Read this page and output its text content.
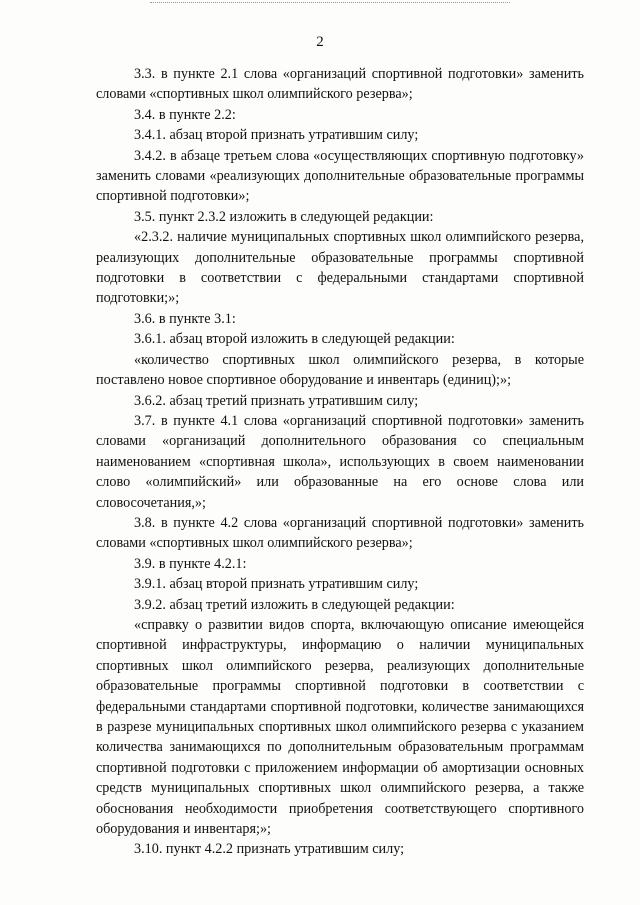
2

3.3. в пункте 2.1 слова «организаций спортивной подготовки» заменить словами «спортивных школ олимпийского резерва»;

3.4. в пункте 2.2:

3.4.1. абзац второй признать утратившим силу;

3.4.2. в абзаце третьем слова «осуществляющих спортивную подготовку» заменить словами «реализующих дополнительные образовательные программы спортивной подготовки»;

3.5. пункт 2.3.2 изложить в следующей редакции:

«2.3.2. наличие муниципальных спортивных школ олимпийского резерва, реализующих дополнительные образовательные программы спортивной подготовки в соответствии с федеральными стандартами спортивной подготовки;»;

3.6. в пункте 3.1:

3.6.1. абзац второй изложить в следующей редакции:

«количество спортивных школ олимпийского резерва, в которые поставлено новое спортивное оборудование и инвентарь (единиц);»;

3.6.2. абзац третий признать утратившим силу;

3.7. в пункте 4.1 слова «организаций спортивной подготовки» заменить словами «организаций дополнительного образования со специальным наименованием «спортивная школа», использующих в своем наименовании слово «олимпийский» или образованные на его основе слова или словосочетания,»;

3.8. в пункте 4.2 слова «организаций спортивной подготовки» заменить словами «спортивных школ олимпийского резерва»;

3.9. в пункте 4.2.1:

3.9.1. абзац второй признать утратившим силу;

3.9.2. абзац третий изложить в следующей редакции:

«справку о развитии видов спорта, включающую описание имеющейся спортивной инфраструктуры, информацию о наличии муниципальных спортивных школ олимпийского резерва, реализующих дополнительные образовательные программы спортивной подготовки в соответствии с федеральными стандартами спортивной подготовки, количестве занимающихся в разрезе муниципальных спортивных школ олимпийского резерва с указанием количества занимающихся по дополнительным образовательным программам спортивной подготовки с приложением информации об амортизации основных средств муниципальных спортивных школ олимпийского резерва, а также обоснования необходимости приобретения соответствующего спортивного оборудования и инвентаря;»;

3.10. пункт 4.2.2 признать утратившим силу;
